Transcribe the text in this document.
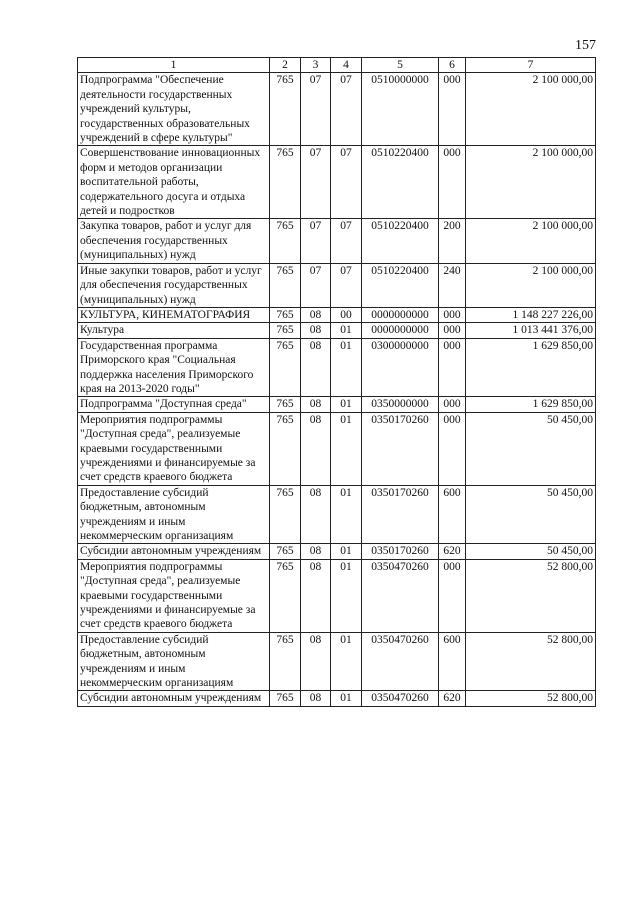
157
1	2	3	4	5	6	7
Подпрограмма "Обеспечение деятельности государственных учреждений культуры, государственных образовательных учреждений в сфере культуры"	765	07	07	0510000000	000	2 100 000,00
Совершенствование инновационных форм и методов организации воспитательной работы, содержательного досуга и отдыха детей и подростков	765	07	07	0510220400	000	2 100 000,00
Закупка товаров, работ и услуг для обеспечения государственных (муниципальных) нужд	765	07	07	0510220400	200	2 100 000,00
Иные закупки товаров, работ и услуг для обеспечения государственных (муниципальных) нужд	765	07	07	0510220400	240	2 100 000,00
КУЛЬТУРА, КИНЕМАТОГРАФИЯ	765	08	00	0000000000	000	1 148 227 226,00
Культура	765	08	01	0000000000	000	1 013 441 376,00
Государственная программа Приморского края "Социальная поддержка населения Приморского края на 2013-2020 годы"	765	08	01	0300000000	000	1 629 850,00
Подпрограмма "Доступная среда"	765	08	01	0350000000	000	1 629 850,00
Мероприятия подпрограммы "Доступная среда", реализуемые краевыми государственными учреждениями и финансируемые за счет средств краевого бюджета	765	08	01	0350170260	000	50 450,00
Предоставление субсидий бюджетным, автономным учреждениям и иным некоммерческим организациям	765	08	01	0350170260	600	50 450,00
Субсидии автономным учреждениям	765	08	01	0350170260	620	50 450,00
Мероприятия подпрограммы "Доступная среда", реализуемые краевыми государственными учреждениями и финансируемые за счет средств краевого бюджета	765	08	01	0350470260	000	52 800,00
Предоставление субсидий бюджетным, автономным учреждениям и иным некоммерческим организациям	765	08	01	0350470260	600	52 800,00
Субсидии автономным учреждениям	765	08	01	0350470260	620	52 800,00
